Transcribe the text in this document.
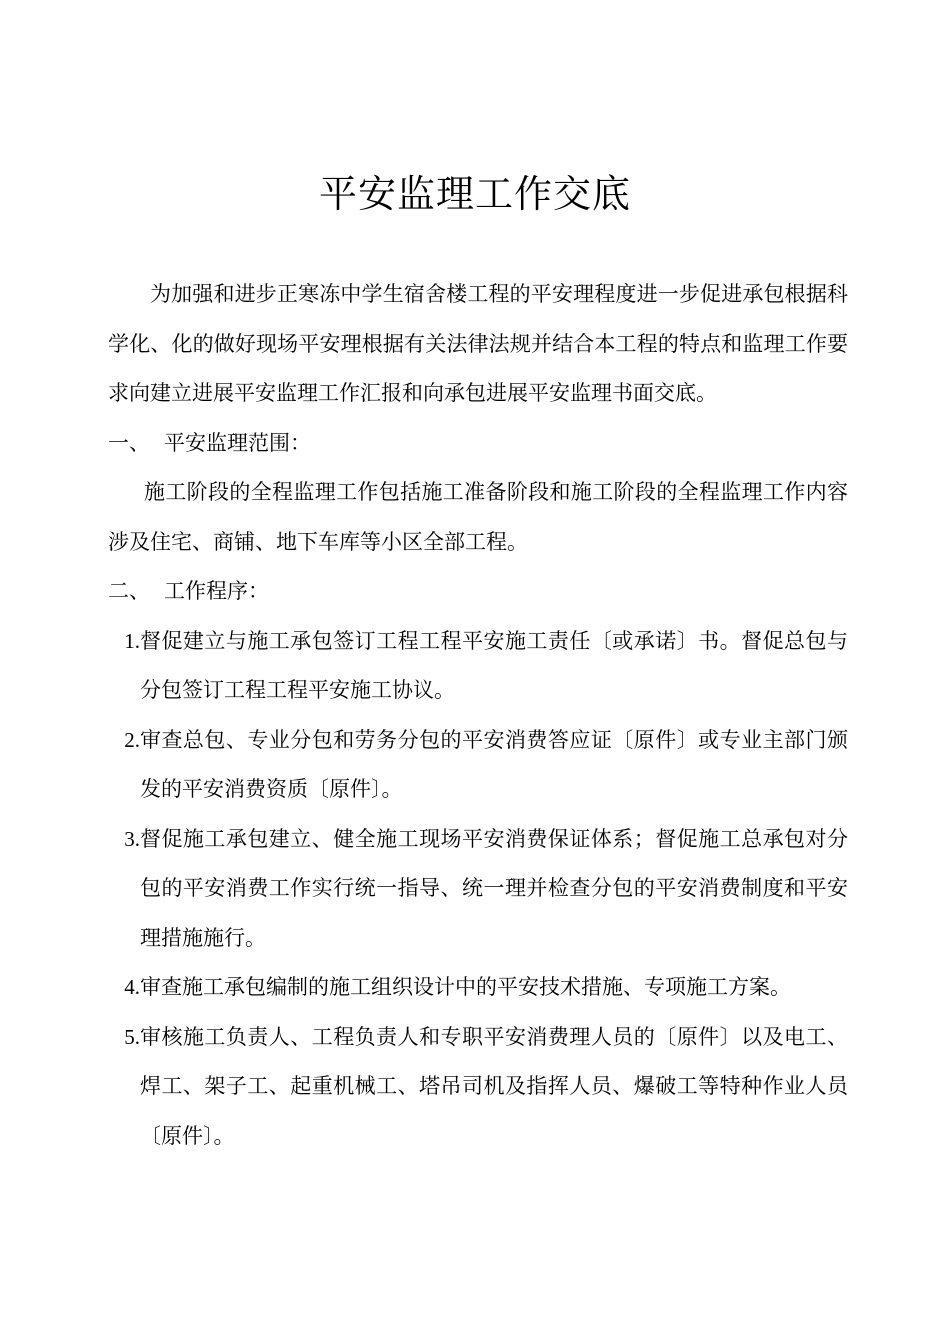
平安监理工作交底

为加强和进步正寒冻中学生宿舍楼工程的平安理程度进一步促进承包根据科学化、化的做好现场平安理根据有关法律法规并结合本工程的特点和监理工作要求向建立进展平安监理工作汇报和向承包进展平安监理书面交底。

一、 平安监理范围：

施工阶段的全程监理工作包括施工准备阶段和施工阶段的全程监理工作内容涉及住宅、商铺、地下车库等小区全部工程。

二、 工作程序：
1. 督促建立与施工承包签订工程工程平安施工责任〔或承诺〕书。督促总包与分包签订工程工程平安施工协议。
2. 审查总包、专业分包和劳务分包的平安消费答应证〔原件〕或专业主部门颁发的平安消费资质〔原件〕。
3. 督促施工承包建立、健全施工现场平安消费保证体系；督促施工总承包对分包的平安消费工作实行统一指导、统一理并检查分包的平安消费制度和平安理措施施行。
4. 审查施工承包编制的施工组织设计中的平安技术措施、专项施工方案。
5. 审核施工负责人、工程负责人和专职平安消费理人员的〔原件〕以及电工、焊工、架子工、起重机械工、塔吊司机及指挥人员、爆破工等特种作业人员〔原件〕。
